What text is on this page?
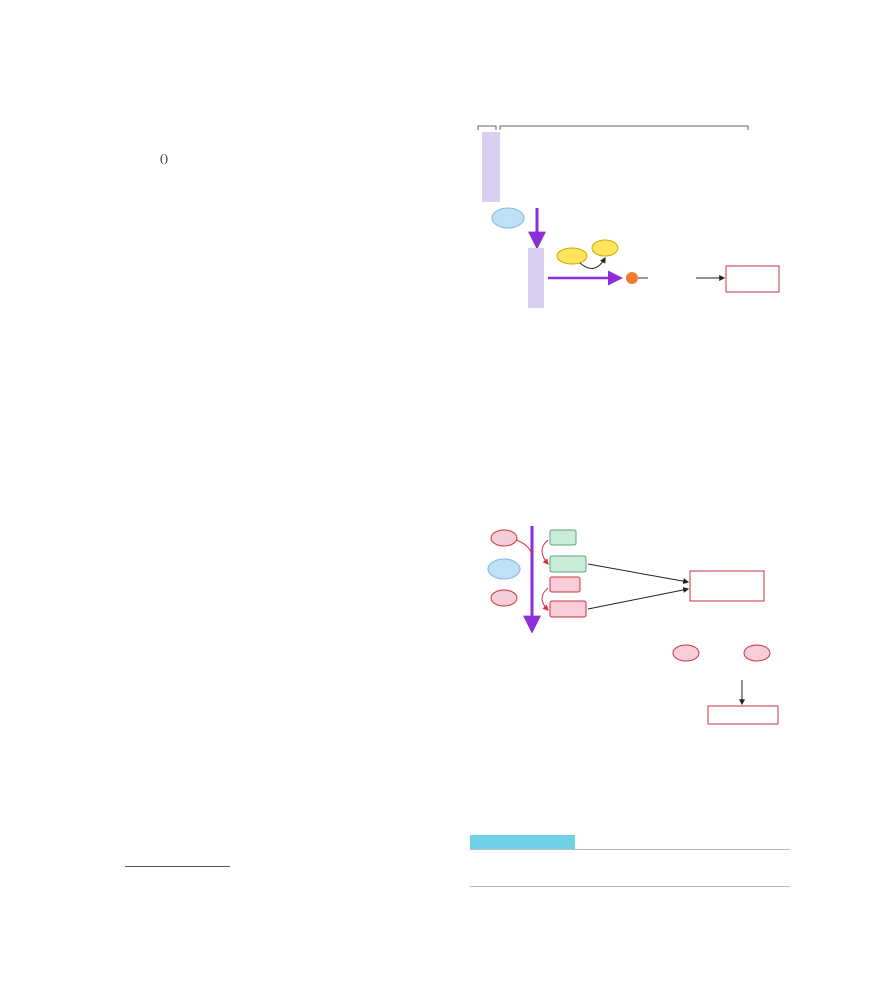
()
